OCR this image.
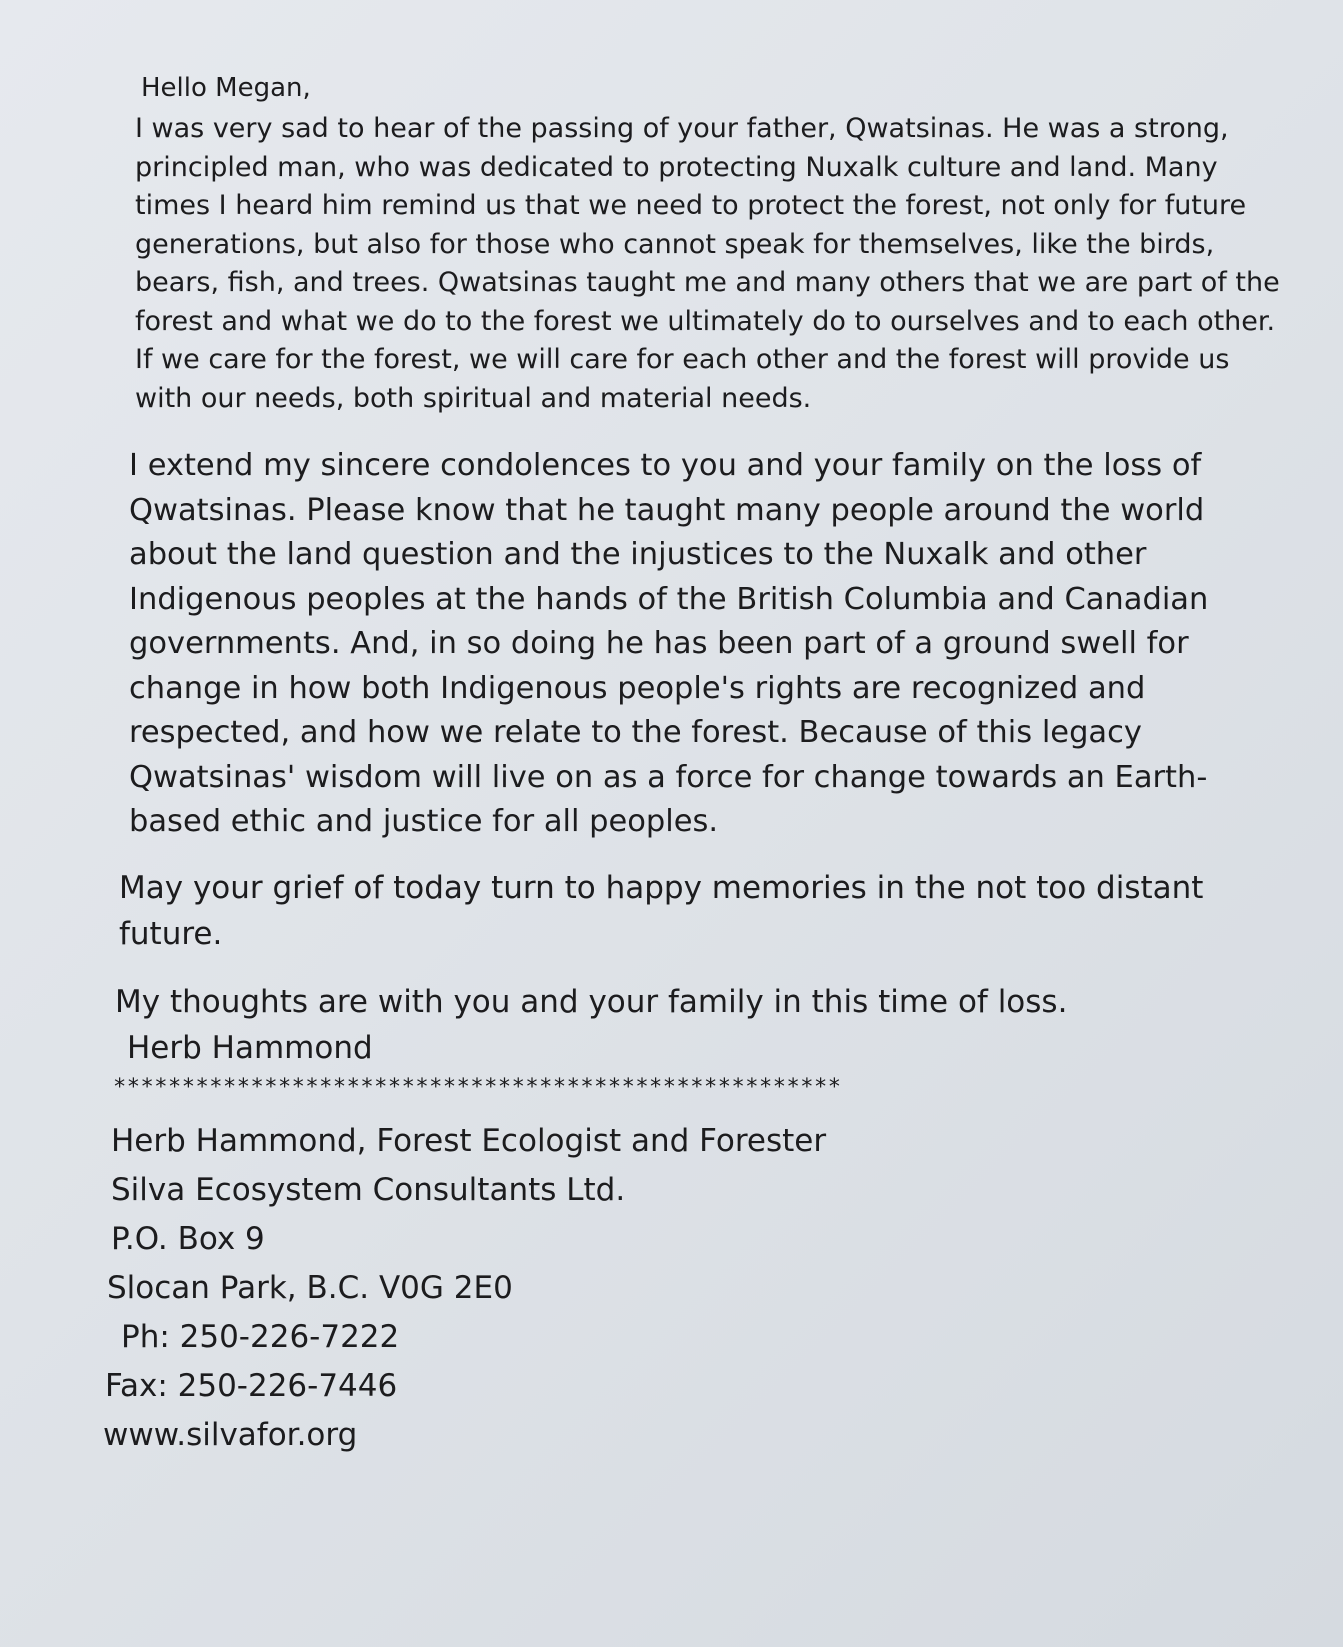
Hello Megan,

I was very sad to hear of the passing of your father, Qwatsinas. He was a strong, principled man, who was dedicated to protecting Nuxalk culture and land. Many times I heard him remind us that we need to protect the forest, not only for future generations, but also for those who cannot speak for themselves, like the birds, bears, fish, and trees. Qwatsinas taught me and many others that we are part of the forest and what we do to the forest we ultimately do to ourselves and to each other. If we care for the forest, we will care for each other and the forest will provide us with our needs, both spiritual and material needs.

I extend my sincere condolences to you and your family on the loss of Qwatsinas. Please know that he taught many people around the world about the land question and the injustices to the Nuxalk and other Indigenous peoples at the hands of the British Columbia and Canadian governments. And, in so doing he has been part of a ground swell for change in how both Indigenous people's rights are recognized and respected, and how we relate to the forest. Because of this legacy Qwatsinas' wisdom will live on as a force for change towards an Earth-based ethic and justice for all peoples.

May your grief of today turn to happy memories in the not too distant future.

My thoughts are with you and your family in this time of loss.

Herb Hammond

*****************************************************
Herb Hammond, Forest Ecologist and Forester
Silva Ecosystem Consultants Ltd.
P.O. Box 9
Slocan Park, B.C. V0G 2E0
Ph: 250-226-7222
Fax: 250-226-7446
www.silvafor.org
